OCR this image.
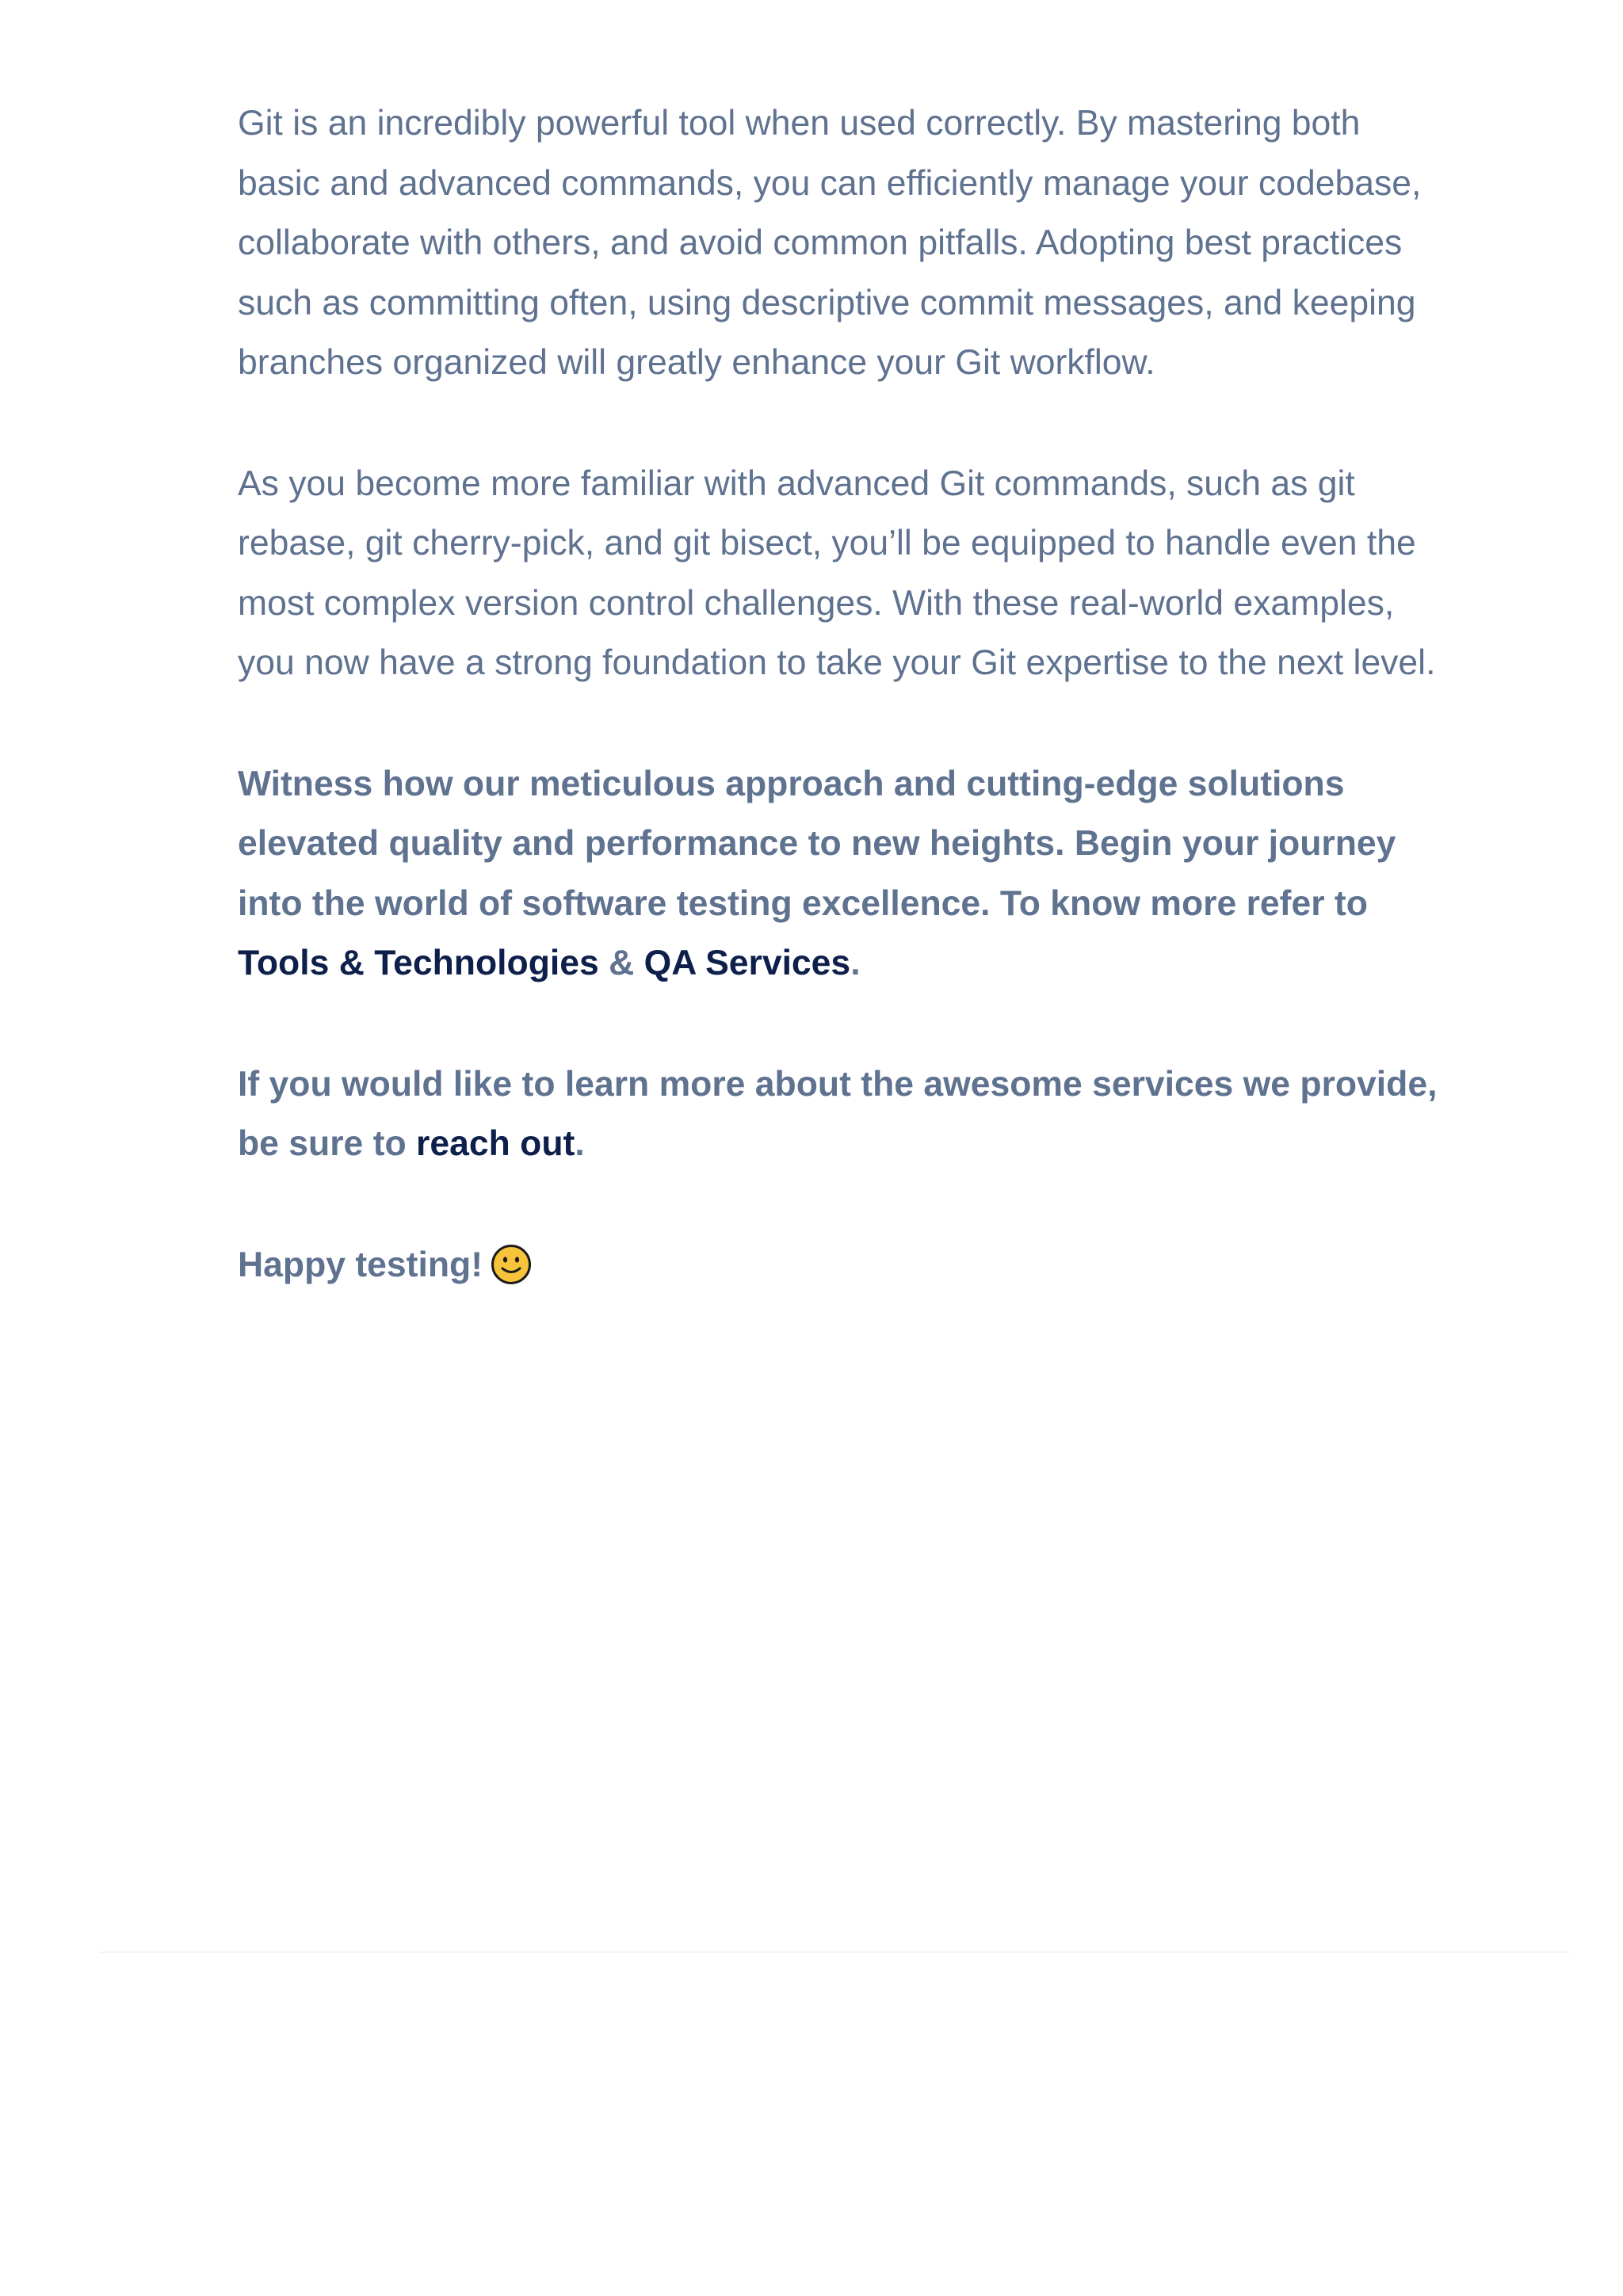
Git is an incredibly powerful tool when used correctly. By mastering both basic and advanced commands, you can efficiently manage your codebase, collaborate with others, and avoid common pitfalls. Adopting best practices such as committing often, using descriptive commit messages, and keeping branches organized will greatly enhance your Git workflow.

As you become more familiar with advanced Git commands, such as git rebase, git cherry-pick, and git bisect, you’ll be equipped to handle even the most complex version control challenges. With these real-world examples, you now have a strong foundation to take your Git expertise to the next level.

Witness how our meticulous approach and cutting-edge solutions elevated quality and performance to new heights. Begin your journey into the world of software testing excellence. To know more refer to Tools & Technologies & QA Services.

If you would like to learn more about the awesome services we provide, be sure to reach out.

Happy testing!
